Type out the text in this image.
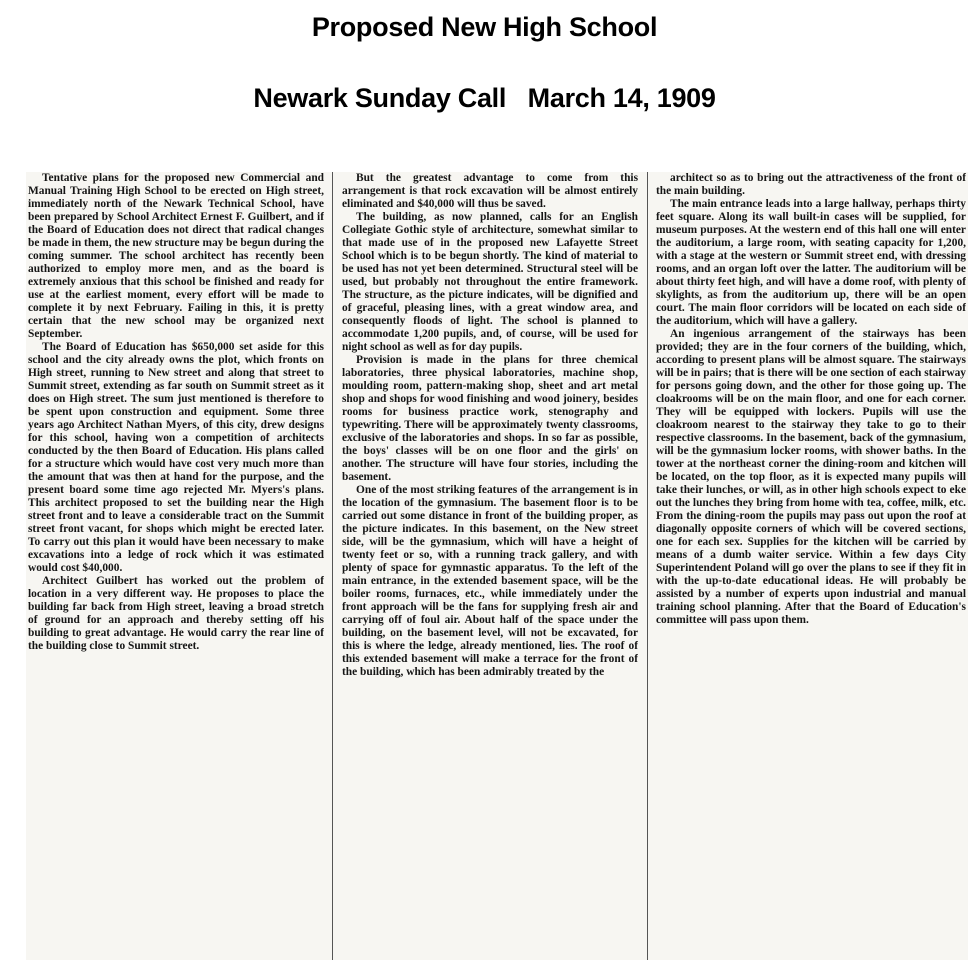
Proposed New High School
Newark Sunday Call   March 14, 1909

Tentative plans for the proposed new Commercial and Manual Training High School to be erected on High street, immediately north of the Newark Technical School, have been prepared by School Architect Ernest F. Guilbert, and if the Board of Education does not direct that radical changes be made in them, the new structure may be begun during the coming summer. The school architect has recently been authorized to employ more men, and as the board is extremely anxious that this school be finished and ready for use at the earliest moment, every effort will be made to complete it by next February. Failing in this, it is pretty certain that the new school may be organized next September.

The Board of Education has $650,000 set aside for this school and the city already owns the plot, which fronts on High street, running to New street and along that street to Summit street, extending as far south on Summit street as it does on High street. The sum just mentioned is therefore to be spent upon construction and equipment. Some three years ago Architect Nathan Myers, of this city, drew designs for this school, having won a competition of architects conducted by the then Board of Education. His plans called for a structure which would have cost very much more than the amount that was then at hand for the purpose, and the present board some time ago rejected Mr. Myers's plans. This architect proposed to set the building near the High street front and to leave a considerable tract on the Summit street front vacant, for shops which might be erected later. To carry out this plan it would have been necessary to make excavations into a ledge of rock which it was estimated would cost $40,000.

Architect Guilbert has worked out the problem of location in a very different way. He proposes to place the building far back from High street, leaving a broad stretch of ground for an approach and thereby setting off his building to great advantage. He would carry the rear line of the building close to Summit street.

But the greatest advantage to come from this arrangement is that rock excavation will be almost entirely eliminated and $40,000 will thus be saved.

The building, as now planned, calls for an English Collegiate Gothic style of architecture, somewhat similar to that made use of in the proposed new Lafayette Street School which is to be begun shortly. The kind of material to be used has not yet been determined. Structural steel will be used, but probably not throughout the entire framework. The structure, as the picture indicates, will be dignified and of graceful, pleasing lines, with a great window area, and consequently floods of light. The school is planned to accommodate 1,200 pupils, and, of course, will be used for night school as well as for day pupils.

Provision is made in the plans for three chemical laboratories, three physical laboratories, machine shop, moulding room, pattern-making shop, sheet and art metal shop and shops for wood finishing and wood joinery, besides rooms for business practice work, stenography and typewriting. There will be approximately twenty classrooms, exclusive of the laboratories and shops. In so far as possible, the boys' classes will be on one floor and the girls' on another. The structure will have four stories, including the basement.

One of the most striking features of the arrangement is in the location of the gymnasium. The basement floor is to be carried out some distance in front of the building proper, as the picture indicates. In this basement, on the New street side, will be the gymnasium, which will have a height of twenty feet or so, with a running track gallery, and with plenty of space for gymnastic apparatus. To the left of the main entrance, in the extended basement space, will be the boiler rooms, furnaces, etc., while immediately under the front approach will be the fans for supplying fresh air and carrying off of foul air. About half of the space under the building, on the basement level, will not be excavated, for this is where the ledge, already mentioned, lies. The roof of this extended basement will make a terrace for the front of the building, which has been admirably treated by the

architect so as to bring out the attractiveness of the front of the main building.

The main entrance leads into a large hallway, perhaps thirty feet square. Along its wall built-in cases will be supplied, for museum purposes. At the western end of this hall one will enter the auditorium, a large room, with seating capacity for 1,200, with a stage at the western or Summit street end, with dressing rooms, and an organ loft over the latter. The auditorium will be about thirty feet high, and will have a dome roof, with plenty of skylights, as from the auditorium up, there will be an open court. The main floor corridors will be located on each side of the auditorium, which will have a gallery.

An ingenious arrangement of the stairways has been provided; they are in the four corners of the building, which, according to present plans will be almost square. The stairways will be in pairs; that is there will be one section of each stairway for persons going down, and the other for those going up. The cloakrooms will be on the main floor, and one for each corner. They will be equipped with lockers. Pupils will use the cloakroom nearest to the stairway they take to go to their respective classrooms. In the basement, back of the gymnasium, will be the gymnasium locker rooms, with shower baths. In the tower at the northeast corner the dining-room and kitchen will be located, on the top floor, as it is expected many pupils will take their lunches, or will, as in other high schools expect to eke out the lunches they bring from home with tea, coffee, milk, etc. From the dining-room the pupils may pass out upon the roof at diagonally opposite corners of which will be covered sections, one for each sex. Supplies for the kitchen will be carried by means of a dumb waiter service. Within a few days City Superintendent Poland will go over the plans to see if they fit in with the up-to-date educational ideas. He will probably be assisted by a number of experts upon industrial and manual training school planning. After that the Board of Education's committee will pass upon them.
